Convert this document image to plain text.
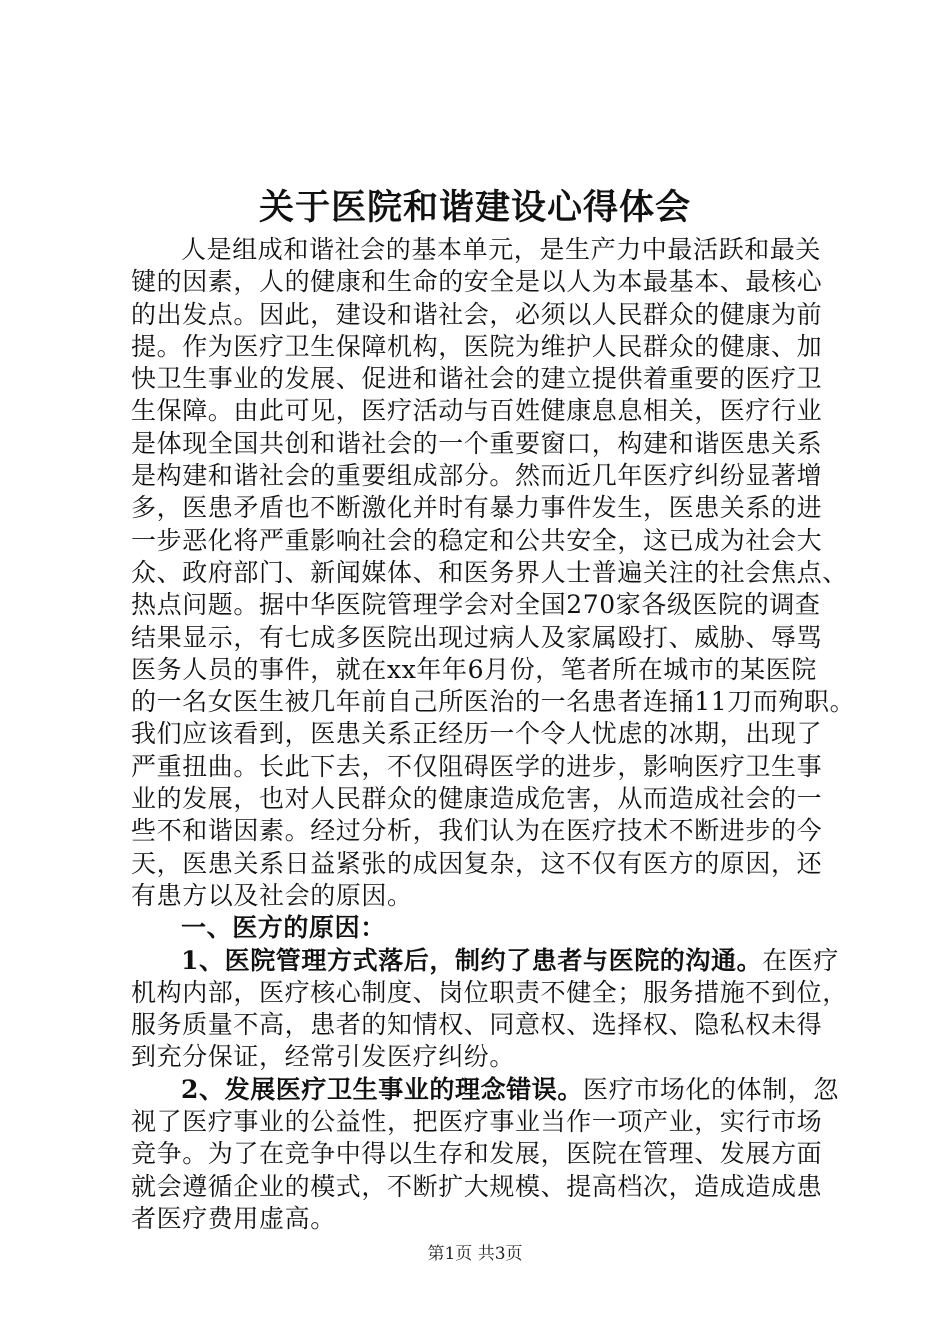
关于医院和谐建设心得体会
人是组成和谐社会的基本单元，是生产力中最活跃和最关
键的因素，人的健康和生命的安全是以人为本最基本、最核心
的出发点。因此，建设和谐社会，必须以人民群众的健康为前
提。作为医疗卫生保障机构，医院为维护人民群众的健康、加
快卫生事业的发展、促进和谐社会的建立提供着重要的医疗卫
生保障。由此可见，医疗活动与百姓健康息息相关，医疗行业
是体现全国共创和谐社会的一个重要窗口，构建和谐医患关系
是构建和谐社会的重要组成部分。然而近几年医疗纠纷显著增
多，医患矛盾也不断激化并时有暴力事件发生，医患关系的进
一步恶化将严重影响社会的稳定和公共安全，这已成为社会大
众、政府部门、新闻媒体、和医务界人士普遍关注的社会焦点、
热点问题。据中华医院管理学会对全国270家各级医院的调查
结果显示，有七成多医院出现过病人及家属殴打、威胁、辱骂
医务人员的事件，就在xx年年6月份，笔者所在城市的某医院
的一名女医生被几年前自己所医治的一名患者连捅11刀而殉职。
我们应该看到，医患关系正经历一个令人忧虑的冰期，出现了
严重扭曲。长此下去，不仅阻碍医学的进步，影响医疗卫生事
业的发展，也对人民群众的健康造成危害，从而造成社会的一
些不和谐因素。经过分析，我们认为在医疗技术不断进步的今
天，医患关系日益紧张的成因复杂，这不仅有医方的原因，还
有患方以及社会的原因。
一、医方的原因：
1、医院管理方式落后，制约了患者与医院的沟通。在医疗
机构内部，医疗核心制度、岗位职责不健全；服务措施不到位，
服务质量不高，患者的知情权、同意权、选择权、隐私权未得
到充分保证，经常引发医疗纠纷。
2、发展医疗卫生事业的理念错误。医疗市场化的体制，忽
视了医疗事业的公益性，把医疗事业当作一项产业，实行市场
竞争。为了在竞争中得以生存和发展，医院在管理、发展方面
就会遵循企业的模式，不断扩大规模、提高档次，造成造成患
者医疗费用虚高。
第1页 共3页
